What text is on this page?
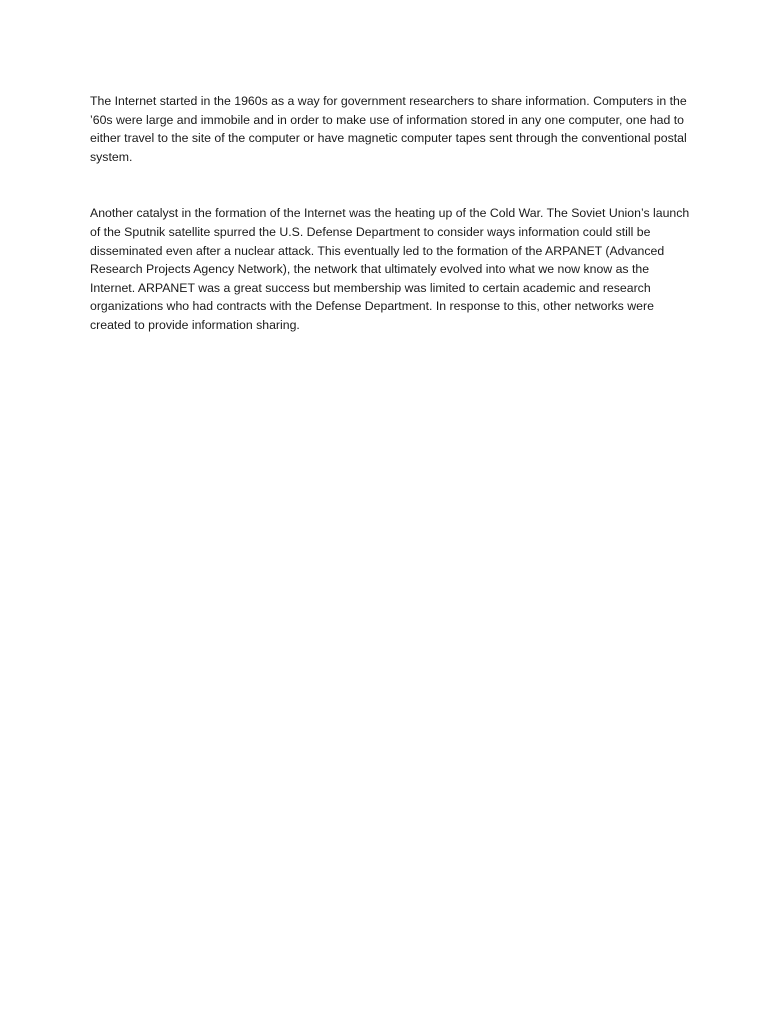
The Internet started in the 1960s as a way for government researchers to share information. Computers in the ’60s were large and immobile and in order to make use of information stored in any one computer, one had to either travel to the site of the computer or have magnetic computer tapes sent through the conventional postal system.

Another catalyst in the formation of the Internet was the heating up of the Cold War. The Soviet Union’s launch of the Sputnik satellite spurred the U.S. Defense Department to consider ways information could still be disseminated even after a nuclear attack. This eventually led to the formation of the ARPANET (Advanced Research Projects Agency Network), the network that ultimately evolved into what we now know as the Internet. ARPANET was a great success but membership was limited to certain academic and research organizations who had contracts with the Defense Department. In response to this, other networks were created to provide information sharing.
